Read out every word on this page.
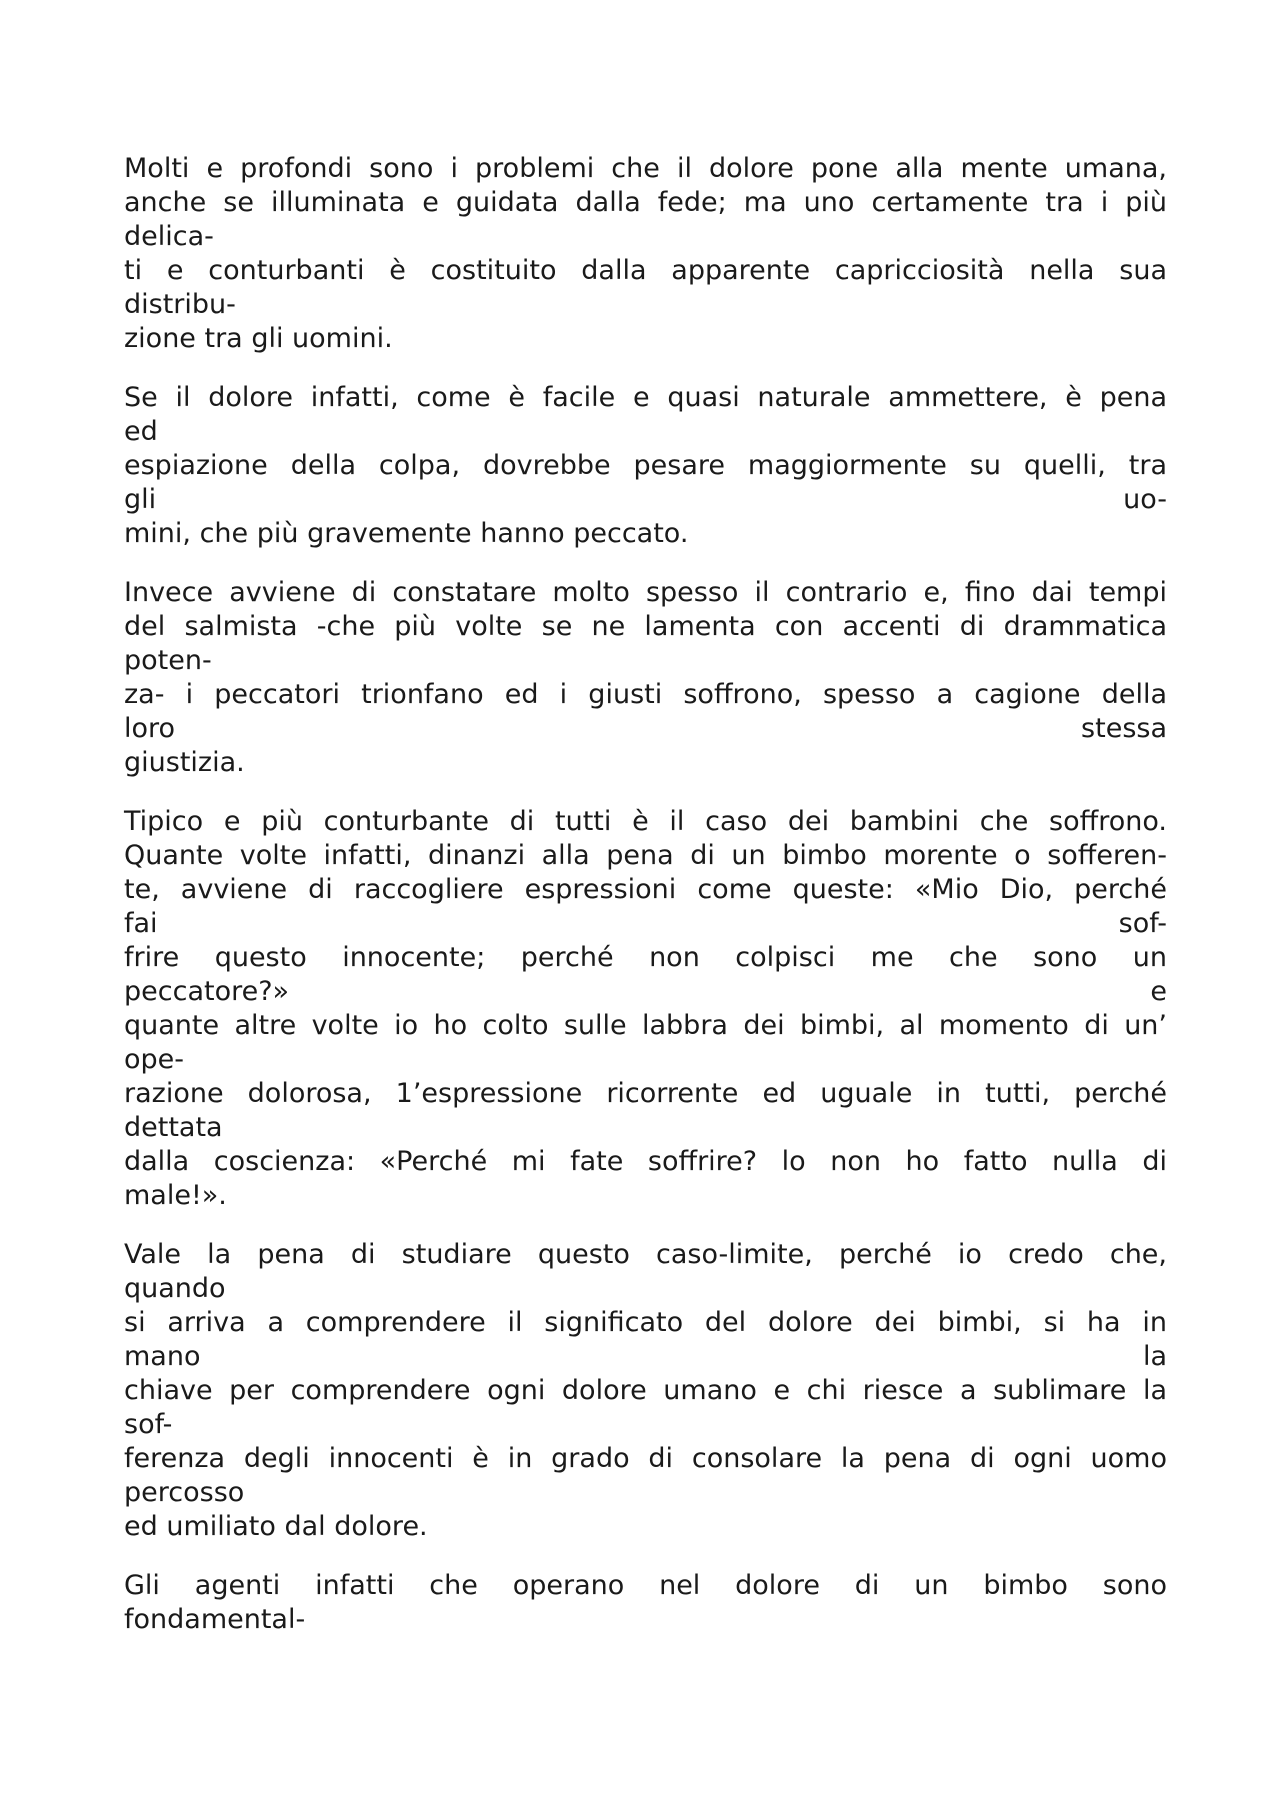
Molti e profondi sono i problemi che il dolore pone alla mente umana,
anche se illuminata e guidata dalla fede; ma uno certamente tra i più
delica-
ti e conturbanti è costituito dalla apparente capricciosità nella sua
distribu-
zione tra gli uomini.

Se il dolore infatti, come è facile e quasi naturale ammettere, è pena
ed
espiazione della colpa, dovrebbe pesare maggiormente su quelli, tra
gli uo-
mini, che più gravemente hanno peccato.

Invece avviene di constatare molto spesso il contrario e, fino dai tempi
del salmista -che più volte se ne lamenta con accenti di drammatica
poten-
za- i peccatori trionfano ed i giusti soffrono, spesso a cagione della
loro stessa
giustizia.

Tipico e più conturbante di tutti è il caso dei bambini che soffrono.
Quante volte infatti, dinanzi alla pena di un bimbo morente o sofferen-
te, avviene di raccogliere espressioni come queste: «Mio Dio, perché
fai sof-
frire questo innocente; perché non colpisci me che sono un
peccatore?» e
quante altre volte io ho colto sulle labbra dei bimbi, al momento di un’
ope-
razione dolorosa, 1’espressione ricorrente ed uguale in tutti, perché
dettata
dalla coscienza: «Perché mi fate soffrire? lo non ho fatto nulla di
male!».

Vale la pena di studiare questo caso-limite, perché io credo che,
quando
si arriva a comprendere il significato del dolore dei bimbi, si ha in
mano la
chiave per comprendere ogni dolore umano e chi riesce a sublimare la
sof-
ferenza degli innocenti è in grado di consolare la pena di ogni uomo
percosso
ed umiliato dal dolore.

Gli agenti infatti che operano nel dolore di un bimbo sono
fondamental-
